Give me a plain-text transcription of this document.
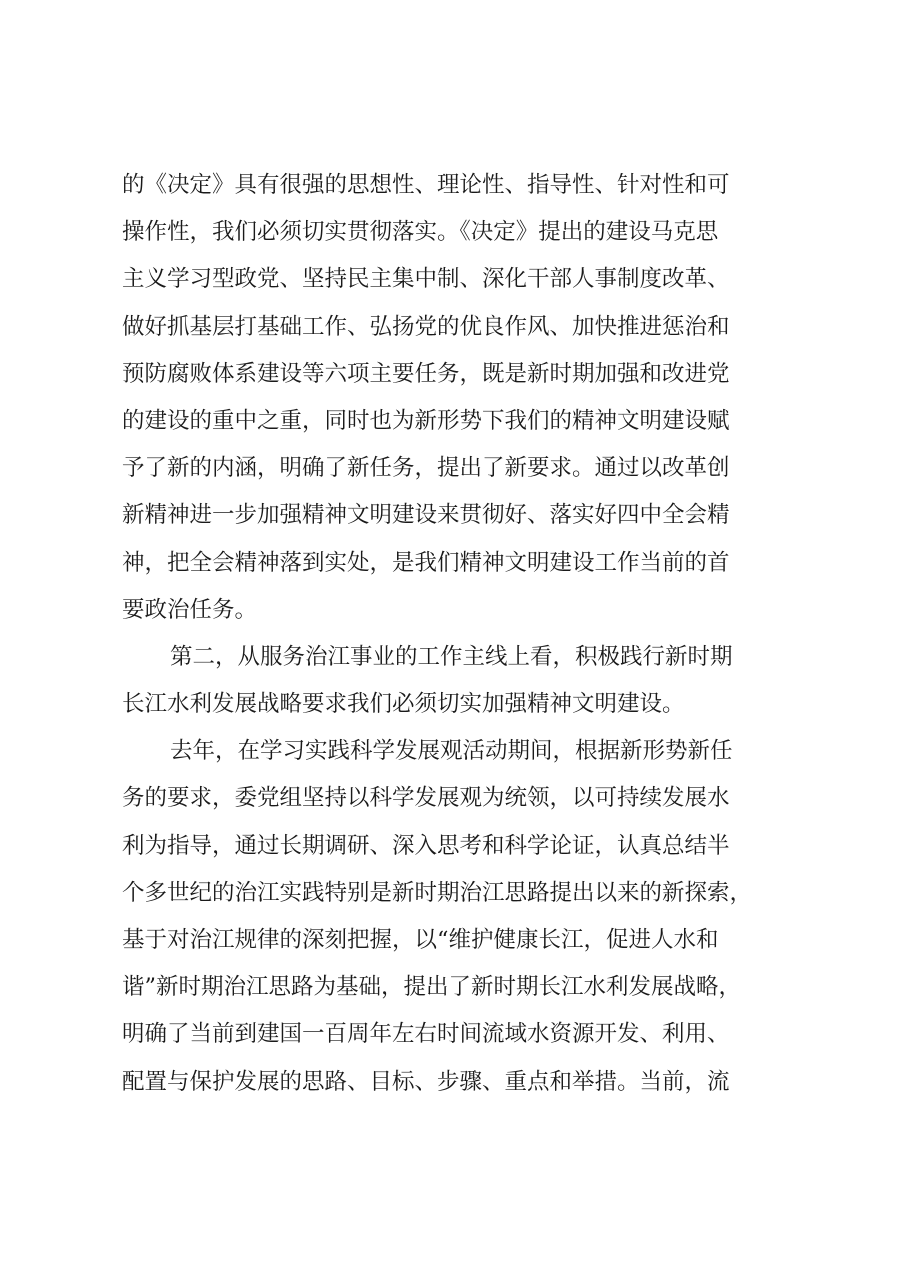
的《决定》具有很强的思想性、理论性、指导性、针对性和可
操作性，我们必须切实贯彻落实。《决定》提出的建设马克思
主义学习型政党、坚持民主集中制、深化干部人事制度改革、
做好抓基层打基础工作、弘扬党的优良作风、加快推进惩治和
预防腐败体系建设等六项主要任务，既是新时期加强和改进党
的建设的重中之重，同时也为新形势下我们的精神文明建设赋
予了新的内涵，明确了新任务，提出了新要求。通过以改革创
新精神进一步加强精神文明建设来贯彻好、落实好四中全会精
神，把全会精神落到实处，是我们精神文明建设工作当前的首
要政治任务。
第二，从服务治江事业的工作主线上看，积极践行新时期
长江水利发展战略要求我们必须切实加强精神文明建设。
去年，在学习实践科学发展观活动期间，根据新形势新任
务的要求，委党组坚持以科学发展观为统领，以可持续发展水
利为指导，通过长期调研、深入思考和科学论证，认真总结半
个多世纪的治江实践特别是新时期治江思路提出以来的新探索，
基于对治江规律的深刻把握，以“维护健康长江，促进人水和
谐”新时期治江思路为基础，提出了新时期长江水利发展战略，
明确了当前到建国一百周年左右时间流域水资源开发、利用、
配置与保护发展的思路、目标、步骤、重点和举措。当前，流
